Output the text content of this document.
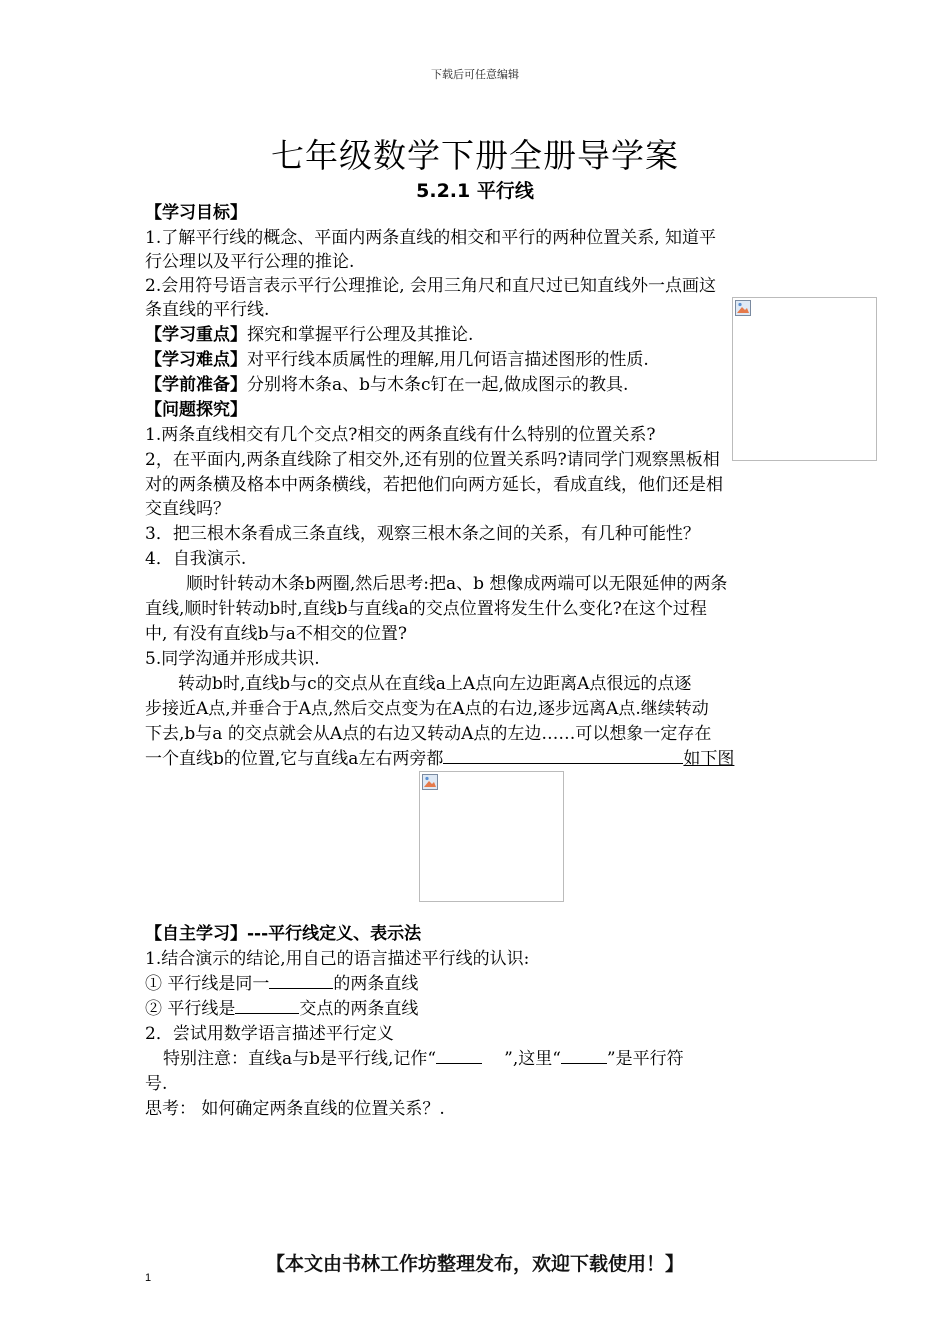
下载后可任意编辑
七年级数学下册全册导学案
5.2.1 平行线
【学习目标】
1.了解平行线的概念、平面内两条直线的相交和平行的两种位置关系, 知道平
行公理以及平行公理的推论.
2.会用符号语言表示平行公理推论, 会用三角尺和直尺过已知直线外一点画这
条直线的平行线.
【学习重点】探究和掌握平行公理及其推论.
【学习难点】对平行线本质属性的理解,用几何语言描述图形的性质.
【学前准备】分别将木条a、b与木条c钉在一起,做成图示的教具.
【问题探究】
1.两条直线相交有几个交点?相交的两条直线有什么特别的位置关系?
2，在平面内,两条直线除了相交外,还有别的位置关系吗?请同学门观察黑板相
对的两条横及格本中两条横线，若把他们向两方延长，看成直线，他们还是相
交直线吗？
3．把三根木条看成三条直线，观察三根木条之间的关系，有几种可能性？
4．自我演示.
顺时针转动木条b两圈,然后思考:把a、b 想像成两端可以无限延伸的两条
直线,顺时针转动b时,直线b与直线a的交点位置将发生什么变化?在这个过程
中, 有没有直线b与a不相交的位置?
5.同学沟通并形成共识.
转动b时,直线b与c的交点从在直线a上A点向左边距离A点很远的点逐
步接近A点,并垂合于A点,然后交点变为在A点的右边,逐步远离A点.继续转动
下去,b与a 的交点就会从A点的右边又转动A点的左边……可以想象一定存在
一个直线b的位置,它与直线a左右两旁都	如下图
【自主学习】---平行线定义、表示法
1.结合演示的结论,用自己的语言描述平行线的认识:
① 平行线是同一	的两条直线
② 平行线是	交点的两条直线
2．尝试用数学语言描述平行定义
特别注意：直线a与b是平行线,记作“	”,这里“	”是平行符
号.
思考： 如何确定两条直线的位置关系？.
【本文由书林工作坊整理发布，欢迎下载使用！】
1
